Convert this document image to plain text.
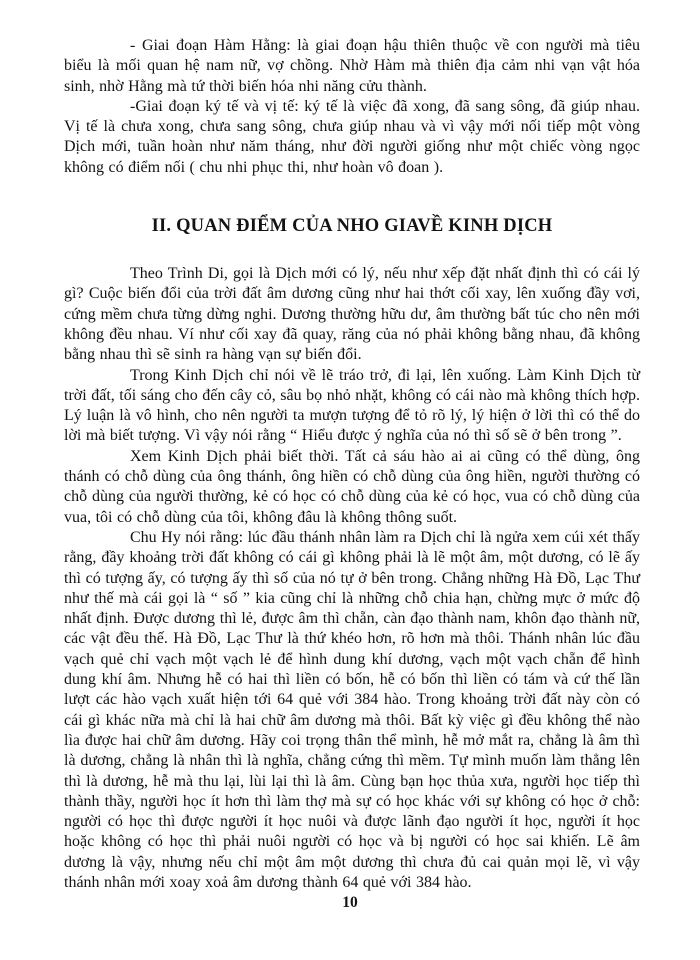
- Giai đoạn Hàm Hằng: là giai đoạn hậu thiên thuộc về con người mà tiêu biểu là mối quan hệ nam nữ, vợ chồng. Nhờ Hàm mà thiên địa cảm nhi vạn vật hóa sinh, nhờ Hằng mà tứ thời biến hóa nhi năng cửu thành.

-Giai đoạn ký tế và vị tế: ký tế là việc đã xong, đã sang sông, đã giúp nhau. Vị tế là chưa xong, chưa sang sông, chưa giúp nhau và vì vậy mới nối tiếp một vòng Dịch mới, tuần hoàn như năm tháng, như đời người giống như một chiếc vòng ngọc không có điểm nối ( chu nhi phục thi, như hoàn vô đoan ).

II. QUAN ĐIỂM CỦA NHO GIAVỀ KINH DỊCH

Theo Trình Di, gọi là Dịch mới có lý, nếu như xếp đặt nhất định thì có cái lý gì? Cuộc biến đổi của trời đất âm dương cũng như hai thớt cối xay, lên xuống đầy vơi, cứng mềm chưa từng dừng nghi. Dương thường hữu dư, âm thường bất túc cho nên mới không đều nhau. Ví như cối xay đã quay, răng của nó phải không bằng nhau, đã không bằng nhau thì sẽ sinh ra hàng vạn sự biến đổi.

Trong Kinh Dịch chỉ nói về lẽ tráo trở, đi lại, lên xuống. Làm Kinh Dịch từ trời đất, tối sáng cho đến cây cỏ, sâu bọ nhỏ nhặt, không có cái nào mà không thích hợp. Lý luận là vô hình, cho nên người ta mượn tượng để tỏ rõ lý, lý hiện ở lời thì có thể do lời mà biết tượng. Vì vậy nói rằng “ Hiểu được ý nghĩa của nó thì số sẽ ở bên trong ”.

Xem Kinh Dịch phải biết thời. Tất cả sáu hào ai ai cũng có thể dùng, ông thánh có chỗ dùng của ông thánh, ông hiền có chỗ dùng của ông hiền, người thường có chỗ dùng của người thường, kẻ có học có chỗ dùng của kẻ có học, vua có chỗ dùng của vua, tôi có chỗ dùng của tôi, không đâu là không thông suốt.

Chu Hy nói rằng: lúc đầu thánh nhân làm ra Dịch chỉ là ngửa xem cúi xét thấy rằng, đầy khoảng trời đất không có cái gì không phải là lẽ một âm, một dương, có lẽ ấy thì có tượng ấy, có tượng ấy thì số của nó tự ở bên trong. Chẳng những Hà Đồ, Lạc Thư như thế mà cái gọi là “ số ” kia cũng chỉ là những chỗ chia hạn, chừng mực ở mức độ nhất định. Được dương thì lẻ, được âm thì chẵn, càn đạo thành nam, khôn đạo thành nữ, các vật đều thế. Hà Đồ, Lạc Thư là thứ khéo hơn, rõ hơn mà thôi. Thánh nhân lúc đầu vạch quẻ chỉ vạch một vạch lẻ để hình dung khí dương, vạch một vạch chẵn để hình dung khí âm. Nhưng hễ có hai thì liền có bốn, hễ có bốn thì liền có tám và cứ thế lần lượt các hào vạch xuất hiện tới 64 quẻ với 384 hào. Trong khoảng trời đất này còn có cái gì khác nữa mà chỉ là hai chữ âm dương mà thôi. Bất kỳ việc gì đều không thể nào lìa được hai chữ âm dương. Hãy coi trọng thân thể mình, hễ mở mắt ra, chẳng là âm thì là dương, chẳng là nhân thì là nghĩa, chẳng cứng thì mềm. Tự mình muốn làm thẳng lên thì là dương, hễ mà thu lại, lùi lại thì là âm. Cùng bạn học thủa xưa, người học tiếp thì thành thầy, người học ít hơn thì làm thợ mà sự có học khác với sự không có học ở chỗ: người có học thì được người ít học nuôi và được lãnh đạo người ít học, người ít học hoặc không có học thì phải nuôi người có học và bị người có học sai khiến. Lẽ âm dương là vậy, nhưng nếu chỉ một âm một dương thì chưa đủ cai quản mọi lẽ, vì vậy thánh nhân mới xoay xoả âm dương thành 64 quẻ với 384 hào.

10
